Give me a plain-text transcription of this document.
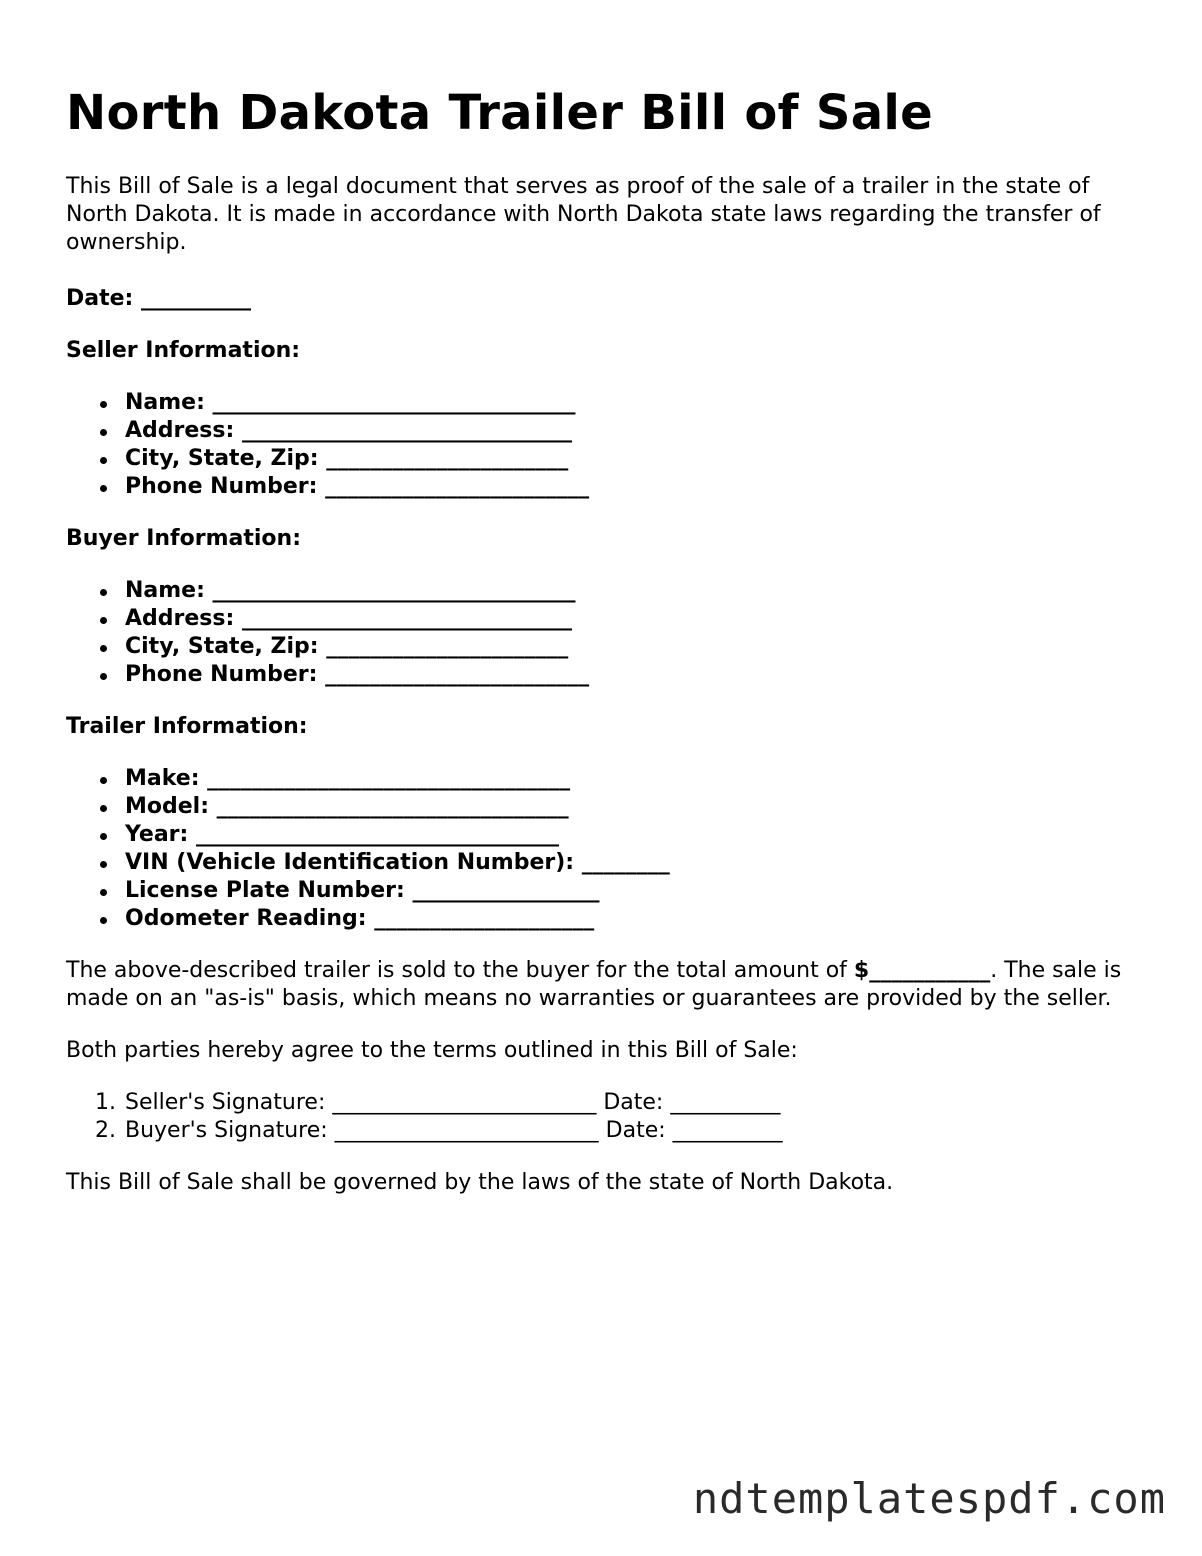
North Dakota Trailer Bill of Sale

This Bill of Sale is a legal document that serves as proof of the sale of a trailer in the state of North Dakota. It is made in accordance with North Dakota state laws regarding the transfer of ownership.

Date: __________

Seller Information:

Name: _________________________________
Address: ______________________________
City, State, Zip: ______________________
Phone Number: ________________________

Buyer Information:

Name: _________________________________
Address: ______________________________
City, State, Zip: ______________________
Phone Number: ________________________

Trailer Information:

Make: _________________________________
Model: ________________________________
Year: _________________________________
VIN (Vehicle Identification Number): ________
License Plate Number: _________________
Odometer Reading: ____________________

The above-described trailer is sold to the buyer for the total amount of $___________. The sale is made on an "as-is" basis, which means no warranties or guarantees are provided by the seller.

Both parties hereby agree to the terms outlined in this Bill of Sale:

Seller's Signature: ________________________ Date: __________
Buyer's Signature: ________________________ Date: __________

This Bill of Sale shall be governed by the laws of the state of North Dakota.

ndtemplatespdf.com
